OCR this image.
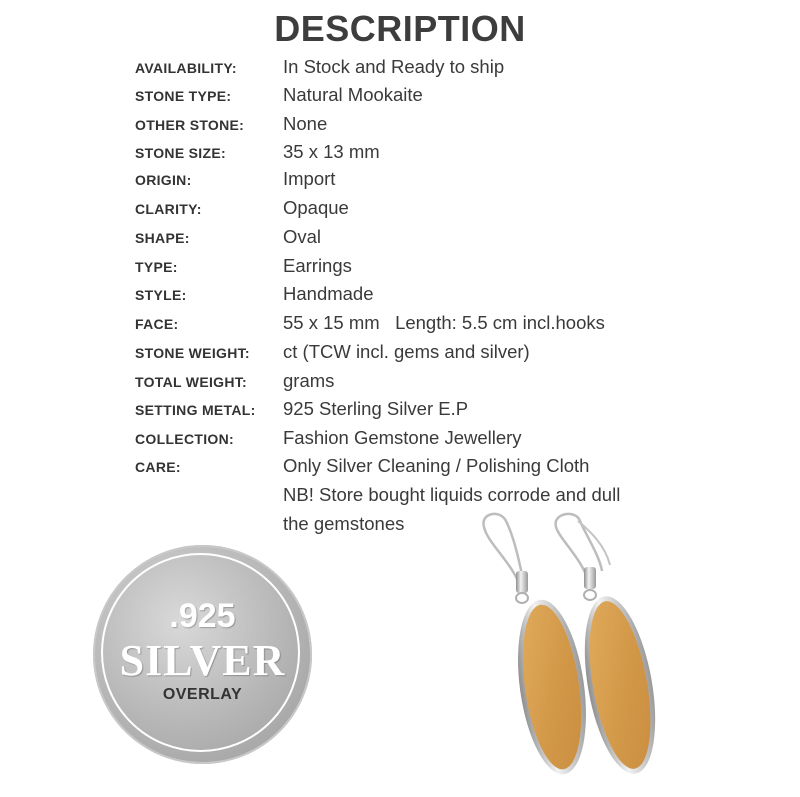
DESCRIPTION
AVAILABILITY: In Stock and Ready to ship
STONE TYPE:	Natural Mookaite
OTHER STONE: None
STONE SIZE:	35 x 13 mm
ORIGIN:	Import
CLARITY:	Opaque
SHAPE:	Oval
TYPE:	Earrings
STYLE:	Handmade
FACE:	55 x 15 mm   Length: 5.5 cm incl.hooks
STONE WEIGHT: ct (TCW incl. gems and silver)
TOTAL WEIGHT: grams
SETTING METAL: 925 Sterling Silver E.P
COLLECTION:	Fashion Gemstone Jewellery
CARE:	Only Silver Cleaning / Polishing Cloth
NB! Store bought liquids corrode and dull
the gemstones
.925
SILVER
OVERLAY
